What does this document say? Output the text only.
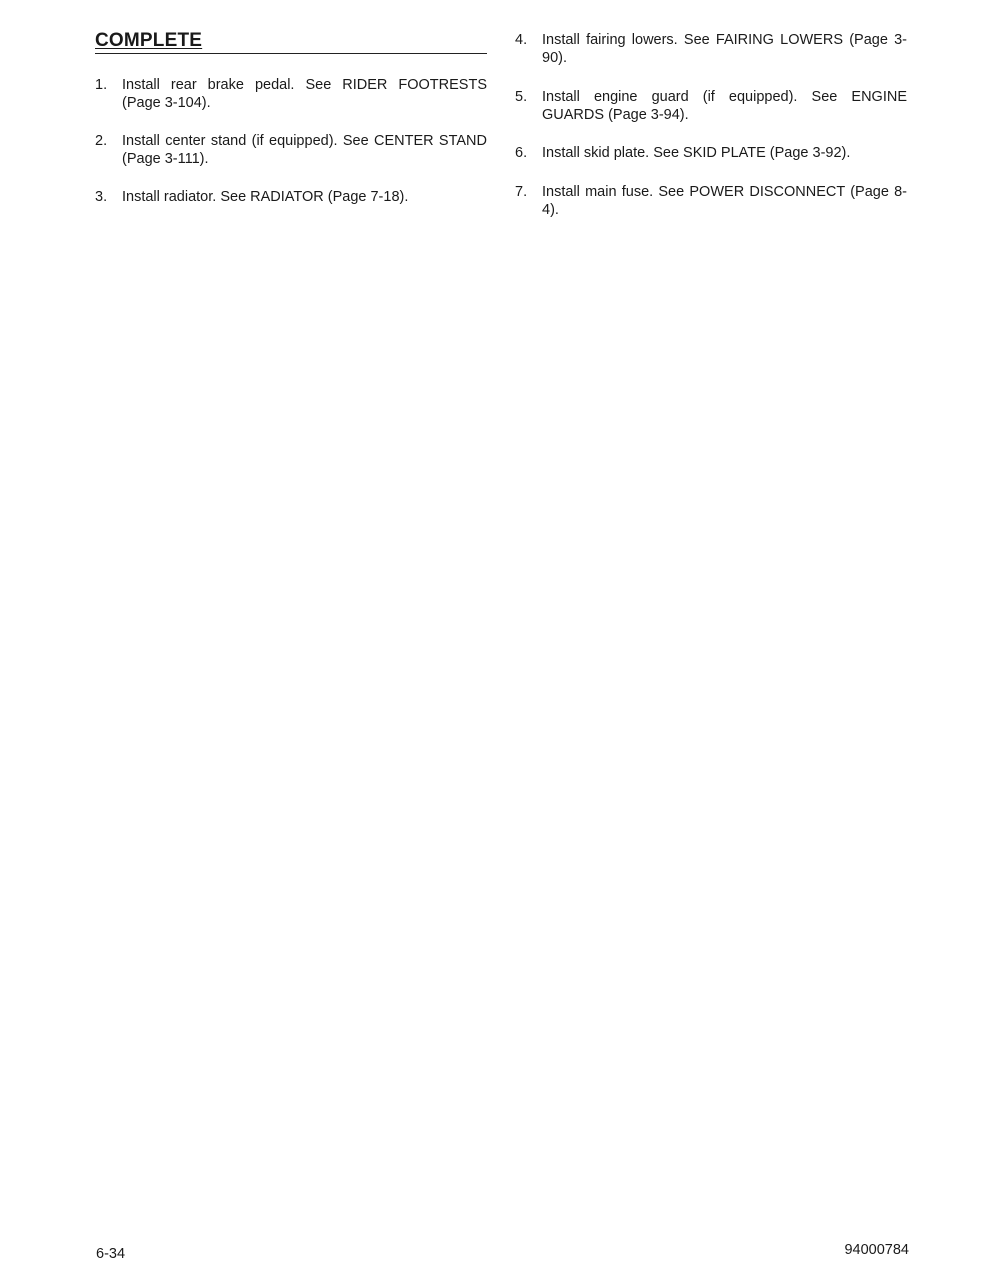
COMPLETE
1.	Install rear brake pedal. See RIDER FOOTRESTS (Page 3-104).
2.	Install center stand (if equipped). See CENTER STAND (Page 3-111).
3.	Install radiator. See RADIATOR (Page 7-18).
4.	Install fairing lowers. See FAIRING LOWERS (Page 3-90).
5.	Install engine guard (if equipped). See ENGINE GUARDS (Page 3-94).
6.	Install skid plate. See SKID PLATE (Page 3-92).
7.	Install main fuse. See POWER DISCONNECT (Page 8-4).
6-34	94000784
